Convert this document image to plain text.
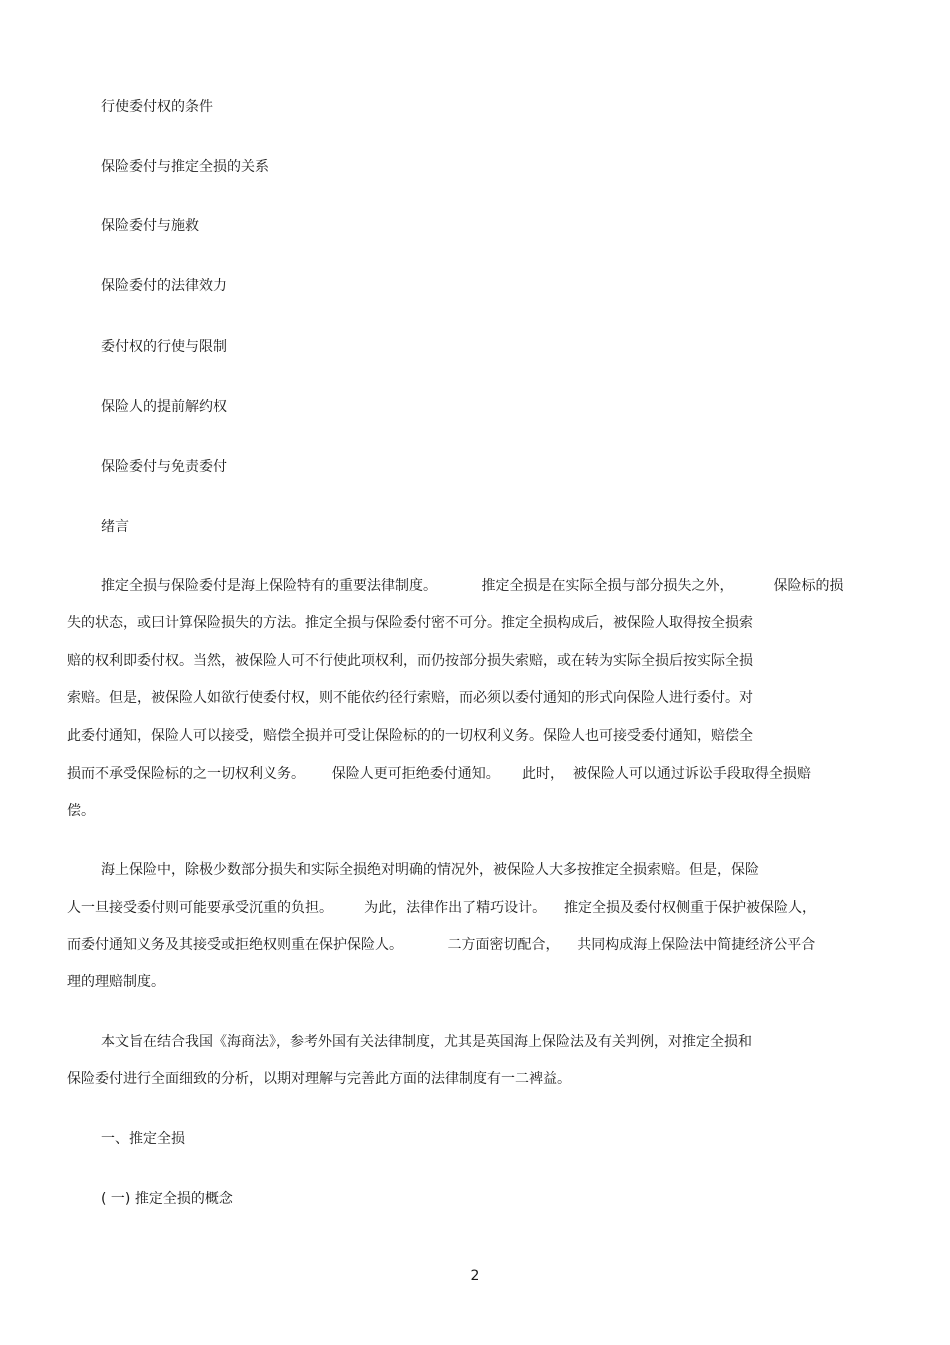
行使委付权的条件
保险委付与推定全损的关系
保险委付与施救
保险委付的法律效力
委付权的行使与限制
保险人的提前解约权
保险委付与免责委付
绪言
推定全损与保险委付是海上保险特有的重要法律制度。          推定全损是在实际全损与部分损失之外，         保险标的损
失的状态，或曰计算保险损失的方法。推定全损与保险委付密不可分。推定全损构成后，被保险人取得按全损索
赔的权利即委付权。当然，被保险人可不行使此项权利，而仍按部分损失索赔，或在转为实际全损后按实际全损
索赔。但是，被保险人如欲行使委付权，则不能依约径行索赔，而必须以委付通知的形式向保险人进行委付。对
此委付通知，保险人可以接受，赔偿全损并可受让保险标的的一切权利义务。保险人也可接受委付通知，赔偿全
损而不承受保险标的之一切权利义务。      保险人更可拒绝委付通知。     此时，  被保险人可以通过诉讼手段取得全损赔
偿。
海上保险中，除极少数部分损失和实际全损绝对明确的情况外，被保险人大多按推定全损索赔。但是，保险
人一旦接受委付则可能要承受沉重的负担。       为此，法律作出了精巧设计。    推定全损及委付权侧重于保护被保险人，
而委付通知义务及其接受或拒绝权则重在保护保险人。          二方面密切配合，    共同构成海上保险法中简捷经济公平合
理的理赔制度。
本文旨在结合我国《海商法》，参考外国有关法律制度，尤其是英国海上保险法及有关判例，对推定全损和
保险委付进行全面细致的分析，以期对理解与完善此方面的法律制度有一二裨益。
一、推定全损
( 一) 推定全损的概念
2
